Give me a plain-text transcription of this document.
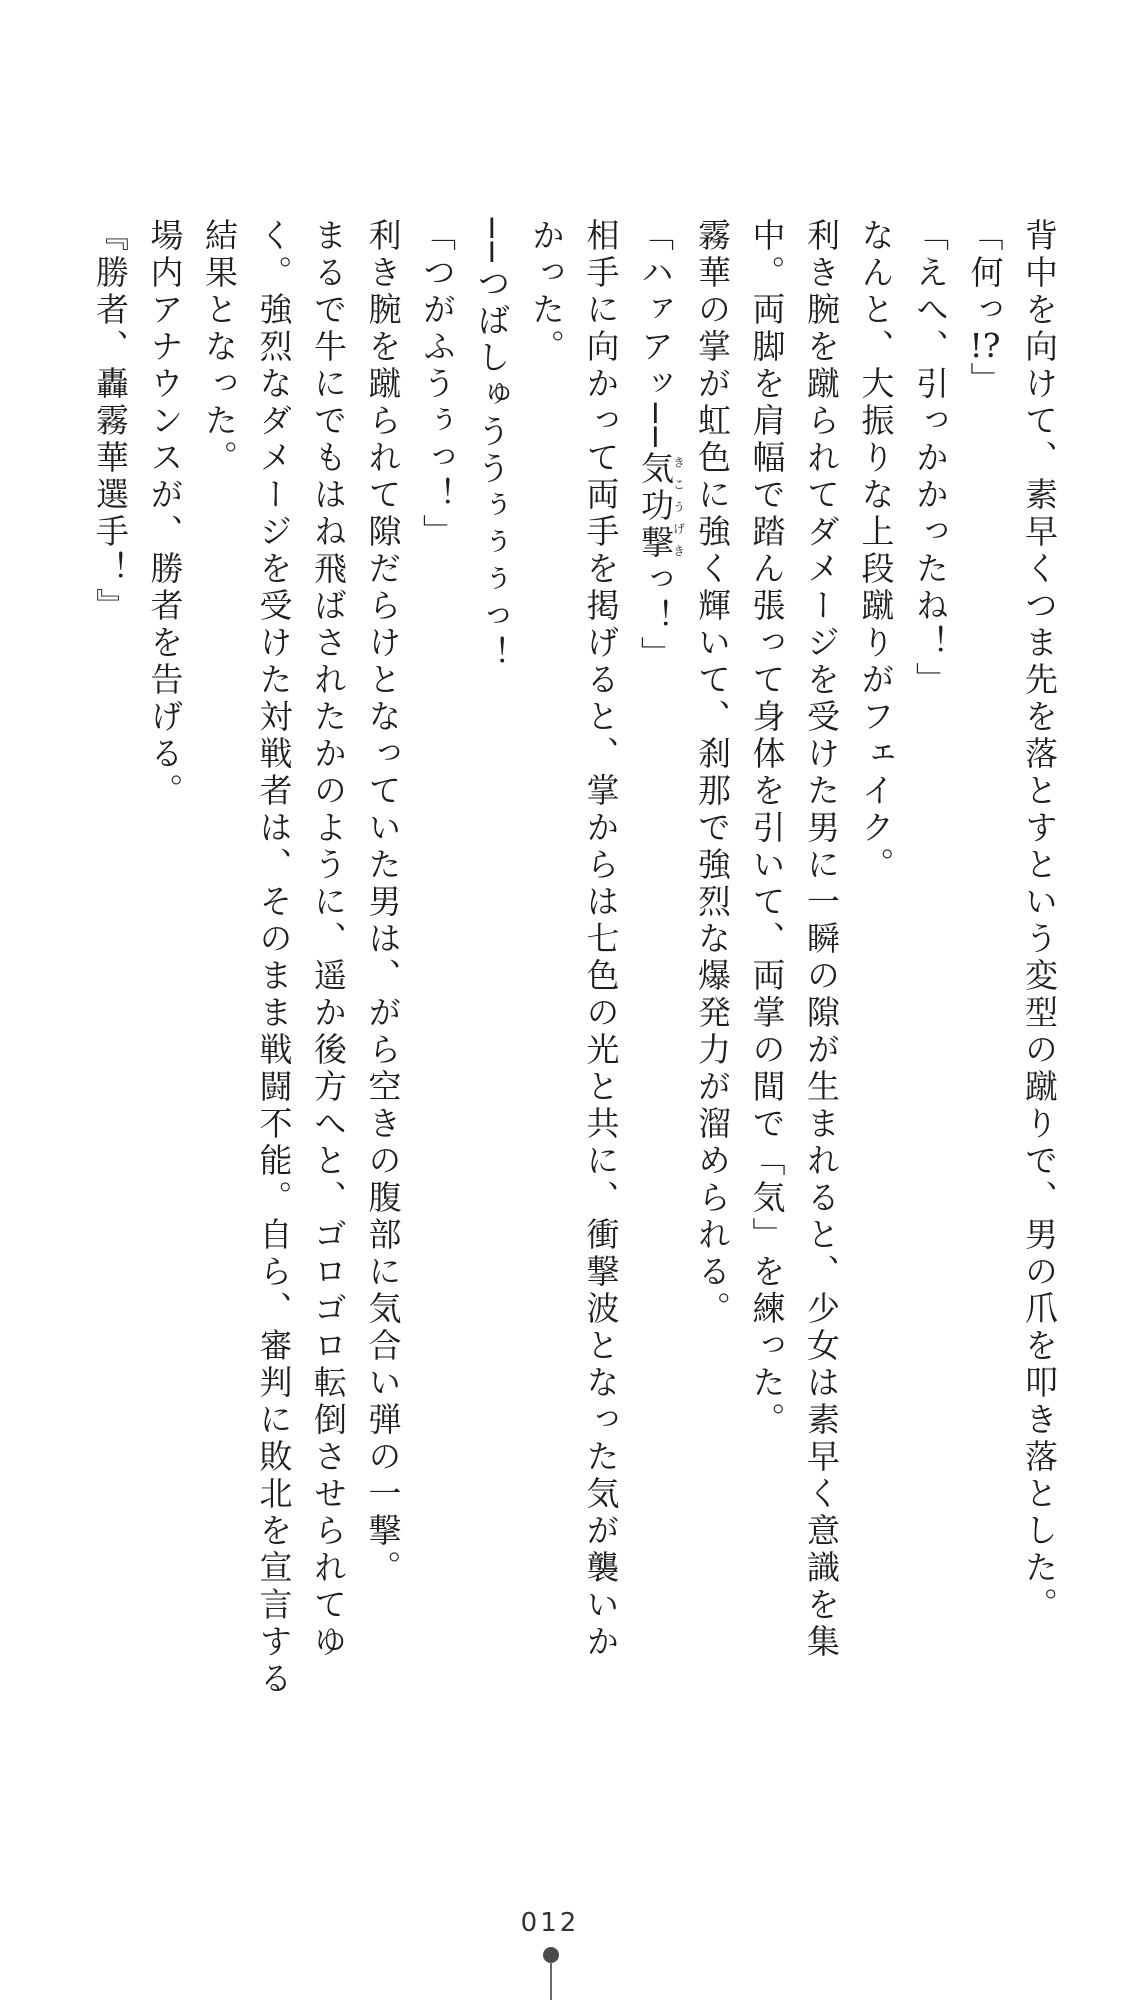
背中を向けて、素早くつま先を落とすという変型の蹴りで、男の爪を叩き落とした。
「何っ!?」
「えへ、引っかかったね！」
なんと、大振りな上段蹴りがフェイク。
利き腕を蹴られてダメージを受けた男に一瞬の隙が生まれると、少女は素早く意識を集
中。両脚を肩幅で踏ん張って身体を引いて、両掌の間で「気」を練った。
霧華の掌が虹色に強く輝いて、刹那で強烈な爆発力が溜められる。
「ハァアッ──気功撃きこうげきっ！」
相手に向かって両手を掲げると、掌からは七色の光と共に、衝撃波となった気が襲いか
かった。
──つばしゅううぅぅぅっ！
「つがふうぅっ！」
利き腕を蹴られて隙だらけとなっていた男は、がら空きの腹部に気合い弾の一撃。
まるで牛にでもはね飛ばされたかのように、遥か後方へと、ゴロゴロ転倒させられてゆ
く。強烈なダメージを受けた対戦者は、そのまま戦闘不能。自ら、審判に敗北を宣言する
結果となった。
場内アナウンスが、勝者を告げる。
『勝者、轟霧華選手！』
012
